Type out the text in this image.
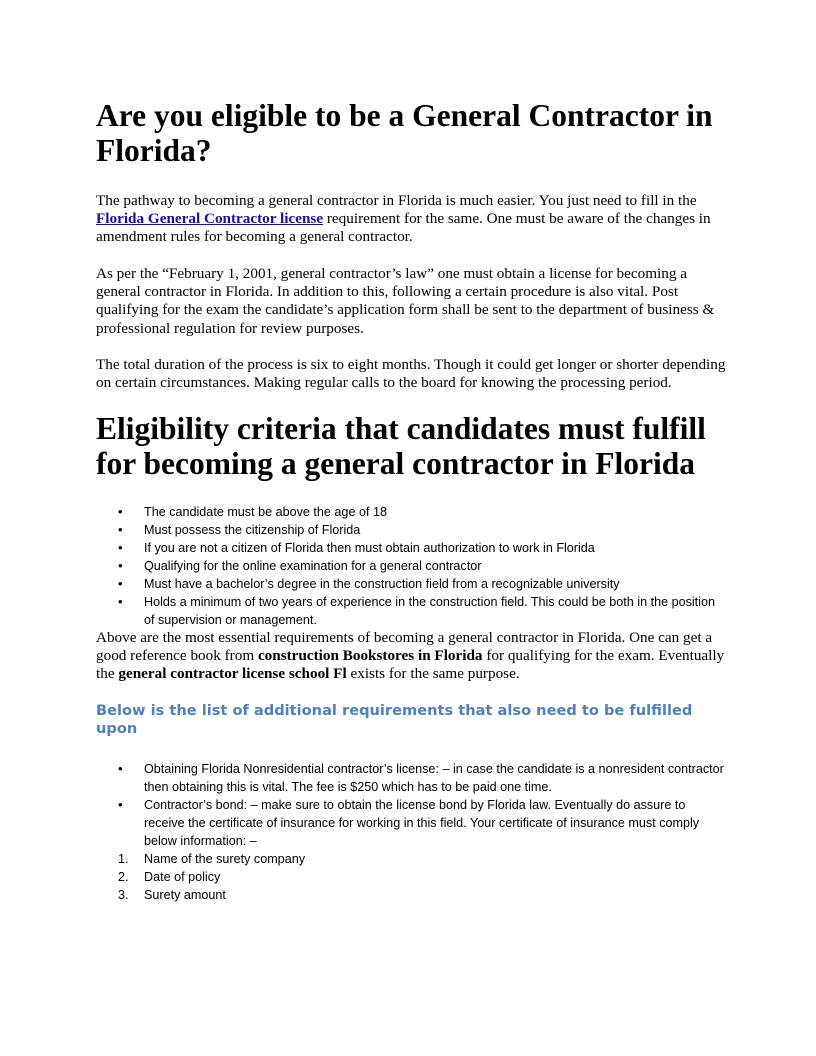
Are you eligible to be a General Contractor in Florida?

The pathway to becoming a general contractor in Florida is much easier. You just need to fill in the Florida General Contractor license requirement for the same. One must be aware of the changes in amendment rules for becoming a general contractor.

As per the “February 1, 2001, general contractor’s law” one must obtain a license for becoming a general contractor in Florida. In addition to this, following a certain procedure is also vital. Post qualifying for the exam the candidate’s application form shall be sent to the department of business & professional regulation for review purposes.

The total duration of the process is six to eight months. Though it could get longer or shorter depending on certain circumstances. Making regular calls to the board for knowing the processing period.

Eligibility criteria that candidates must fulfill for becoming a general contractor in Florida
• The candidate must be above the age of 18
• Must possess the citizenship of Florida
• If you are not a citizen of Florida then must obtain authorization to work in Florida
• Qualifying for the online examination for a general contractor
• Must have a bachelor’s degree in the construction field from a recognizable university
• Holds a minimum of two years of experience in the construction field. This could be both in the position of supervision or management.

Above are the most essential requirements of becoming a general contractor in Florida. One can get a good reference book from construction Bookstores in Florida for qualifying for the exam. Eventually the general contractor license school Fl exists for the same purpose.

Below is the list of additional requirements that also need to be fulfilled upon
• Obtaining Florida Nonresidential contractor’s license: – in case the candidate is a nonresident contractor then obtaining this is vital. The fee is $250 which has to be paid one time.
• Contractor’s bond: – make sure to obtain the license bond by Florida law. Eventually do assure to receive the certificate of insurance for working in this field. Your certificate of insurance must comply below information: –
1. Name of the surety company
2. Date of policy
3. Surety amount
